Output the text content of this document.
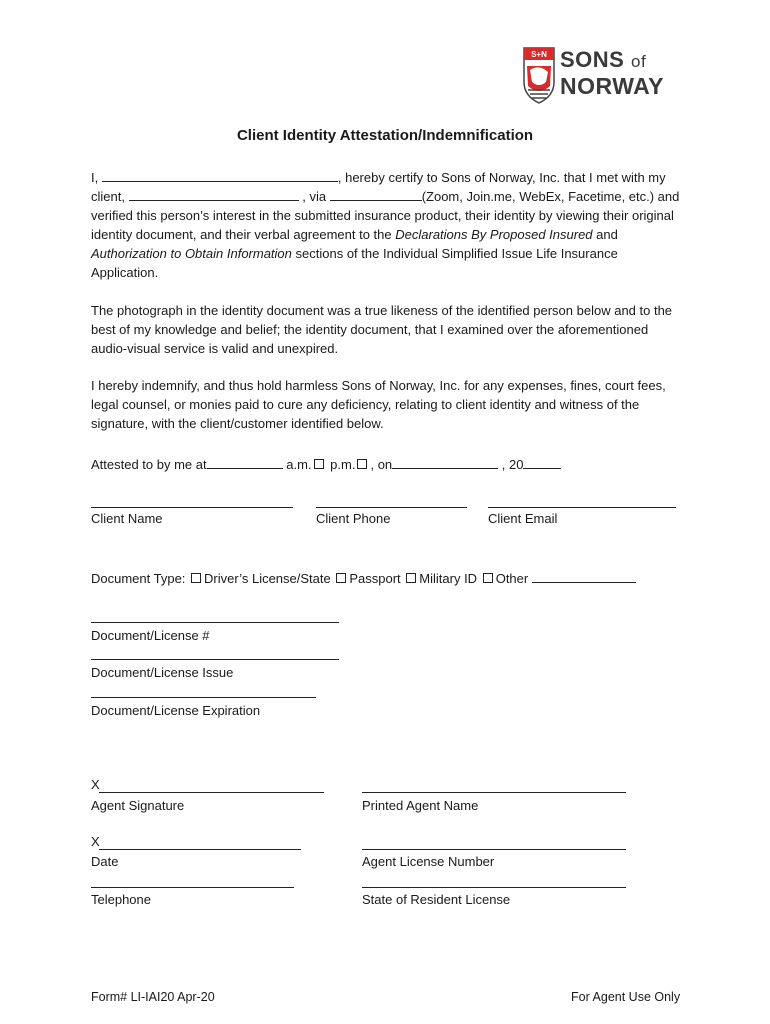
S+N SONS of
NORWAY
Client Identity Attestation/Indemnification
I,	, hereby certify to Sons of Norway, Inc. that I met with my client,	, via	(Zoom, Join.me, WebEx, Facetime, etc.) and verified this person’s interest in the submitted insurance product, their identity by viewing their original identity document, and their verbal agreement to the Declarations By Proposed Insured and Authorization to Obtain Information sections of the Individual Simplified Issue Life Insurance Application.
The photograph in the identity document was a true likeness of the identified person below and to the best of my knowledge and belief; the identity document, that I examined over the aforementioned audio-visual service is valid and unexpired.
I hereby indemnify, and thus hold harmless Sons of Norway, Inc. for any expenses, fines, court fees, legal counsel, or monies paid to cure any deficiency, relating to client identity and witness of the signature, with the client/customer identified below.
Attested to by me at	a.m. p.m. , on	, 20
Client Name	Client Phone	Client Email
Document Type: Driver’s License/State Passport Military ID Other
Document/License #
Document/License Issue
Document/License Expiration
X
Agent Signature	Printed Agent Name
X
Date	Agent License Number
Telephone	State of Resident License
Form# LI-IAI20 Apr-20	For Agent Use Only
